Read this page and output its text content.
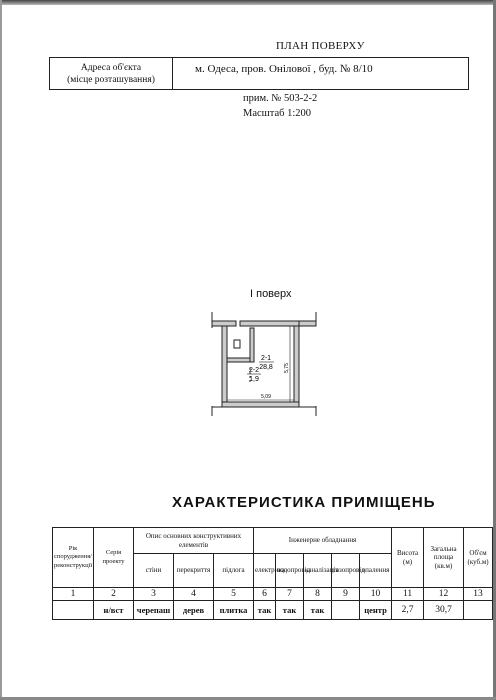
ПЛАН ПОВЕРХУ
Адреса об'єкта
(місце розташування)
м. Одеса, пров. Онілової , буд. № 8/10
прим. № 503-2-2
Масштаб 1:200
І поверх
2-1
28,8
2-2
1,9
5,09
5,75
ХАРАКТЕРИСТИКА ПРИМІЩЕНЬ
Рік спорудження/ реконструкції	Серія проекту	Опис основних конструктивних елементів			Інженерне обладнання					Висота (м)	Загальна площа (кв.м)	Об'єм (куб.м)
		стіни	перекриття	підлога	електрика	водопровід	каналізація	газопровід	опалення			
1	2	3	4	5	6	7	8	9	10	11	12	13
	н/вст	черепаш	дерев	плитка	так	так	так		центр	2,7	30,7	
